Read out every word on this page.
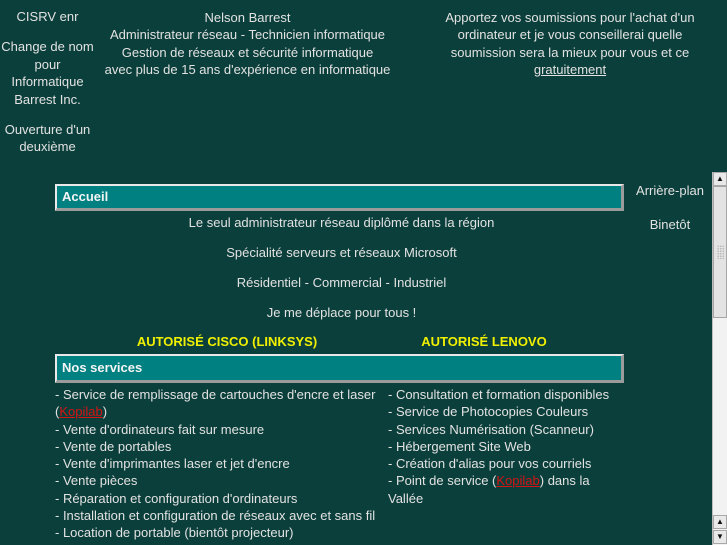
CISRV enr

Change de nom pour Informatique Barrest Inc.

Ouverture d'un deuxième

Nelson Barrest
Administrateur réseau - Technicien informatique
Gestion de réseaux et sécurité informatique
avec plus de 15 ans d'expérience en informatique
Apportez vos soumissions pour l'achat d'un
ordinateur et je vous conseillerai quelle
soumission sera la mieux pour vous et ce
gratuitement
Accueil
Le seul administrateur réseau diplômé dans la région
Spécialité serveurs et réseaux Microsoft
Résidentiel - Commercial - Industriel
Je me déplace pour tous !
AUTORISÉ CISCO (LINKSYS)	AUTORISÉ LENOVO
Nos services
- Service de remplissage de cartouches d'encre et laser (Kopilab)
- Vente d'ordinateurs fait sur mesure
- Vente de portables
- Vente d'imprimantes laser et jet d'encre
- Vente pièces
- Réparation et configuration d'ordinateurs
- Installation et configuration de réseaux avec et sans fil
- Location de portable (bientôt projecteur)
- Consultation et formation disponibles
- Service de Photocopies Couleurs
- Services Numérisation (Scanneur)
- Hébergement Site Web
- Création d'alias pour vos courriels
- Point de service (Kopilab) dans la Vallée
Arrière-plan
Binetôt
▲
▲
▼
